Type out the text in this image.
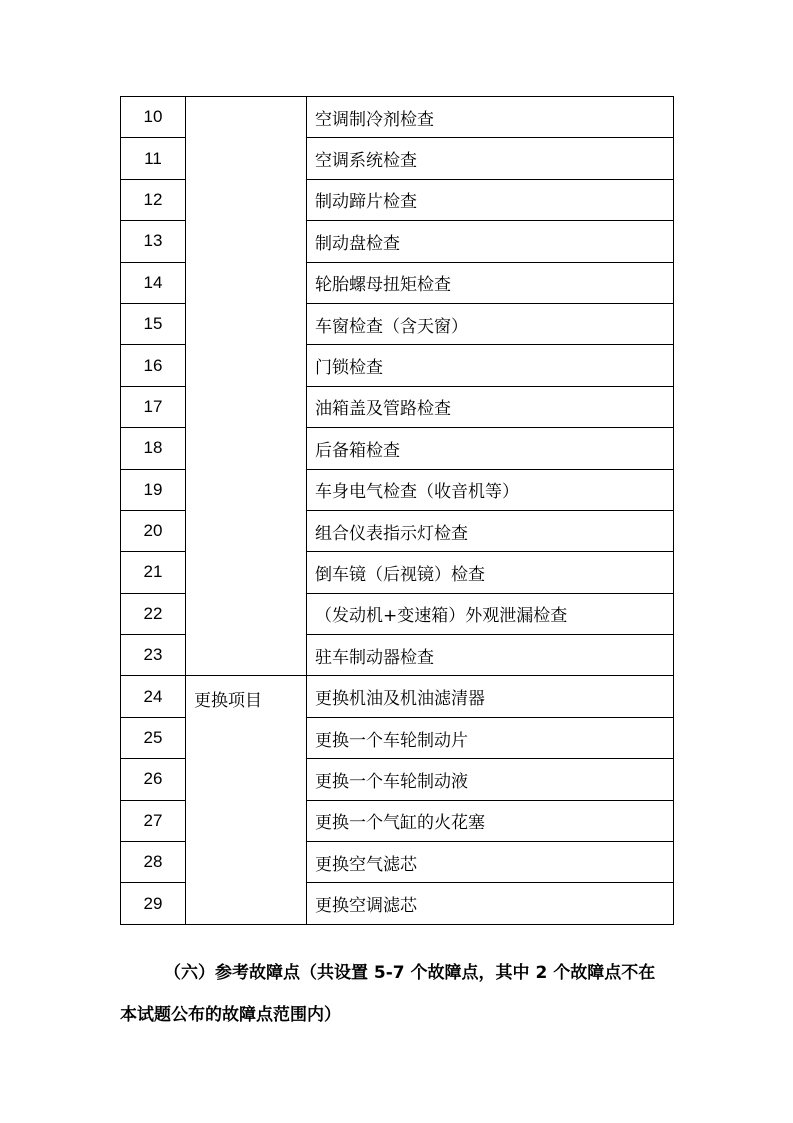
10		空调制冷剂检查
11		空调系统检查
12		制动蹄片检查
13		制动盘检查
14		轮胎螺母扭矩检查
15		车窗检查（含天窗）
16		门锁检查
17		油箱盖及管路检查
18		后备箱检查
19		车身电气检查（收音机等）
20		组合仪表指示灯检查
21		倒车镜（后视镜）检查
22		（发动机+变速箱）外观泄漏检查
23		驻车制动器检查
24	更换项目	更换机油及机油滤清器
25		更换一个车轮制动片
26		更换一个车轮制动液
27		更换一个气缸的火花塞
28		更换空气滤芯
29		更换空调滤芯
（六）参考故障点（共设置 5-7 个故障点，其中 2 个故障点不在
本试题公布的故障点范围内）
